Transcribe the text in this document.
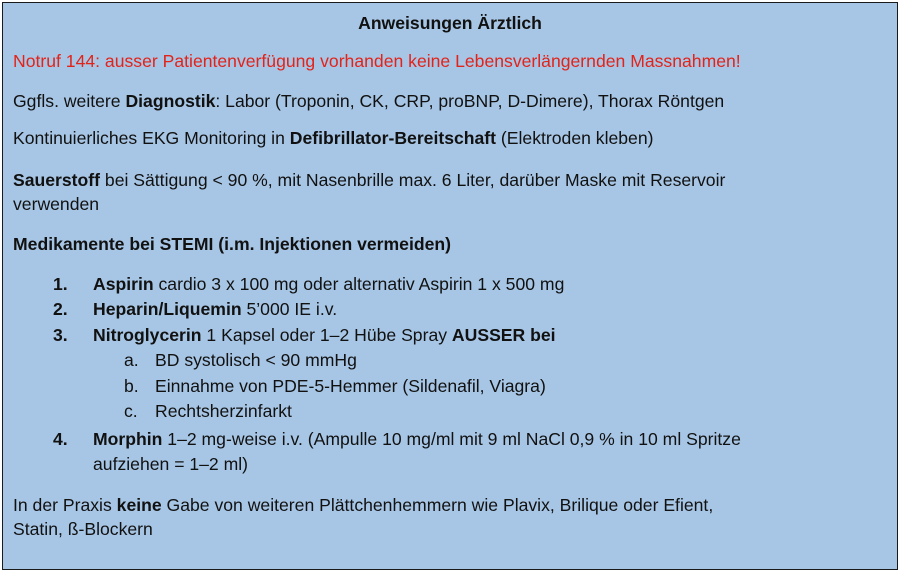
Anweisungen Ärztlich
Notruf 144: ausser Patientenverfügung vorhanden keine Lebensverlängernden Massnahmen!
Ggfls. weitere Diagnostik: Labor (Troponin, CK, CRP, proBNP, D-Dimere), Thorax Röntgen
Kontinuierliches EKG Monitoring in Defibrillator-Bereitschaft (Elektroden kleben)
Sauerstoff bei Sättigung < 90 %, mit Nasenbrille max. 6 Liter, darüber Maske mit Reservoir
verwenden
Medikamente bei STEMI (i.m. Injektionen vermeiden)
1. Aspirin cardio 3 x 100 mg oder alternativ Aspirin 1 x 500 mg
2. Heparin/Liquemin 5’000 IE i.v.
3. Nitroglycerin 1 Kapsel oder 1–2 Hübe Spray AUSSER bei
a. BD systolisch < 90 mmHg
b. Einnahme von PDE-5-Hemmer (Sildenafil, Viagra)
c. Rechtsherzinfarkt
4. Morphin 1–2 mg-weise i.v. (Ampulle 10 mg/ml mit 9 ml NaCl 0,9 % in 10 ml Spritze
aufziehen = 1–2 ml)
In der Praxis keine Gabe von weiteren Plättchenhemmern wie Plavix, Brilique oder Efient,
Statin, ß-Blockern
